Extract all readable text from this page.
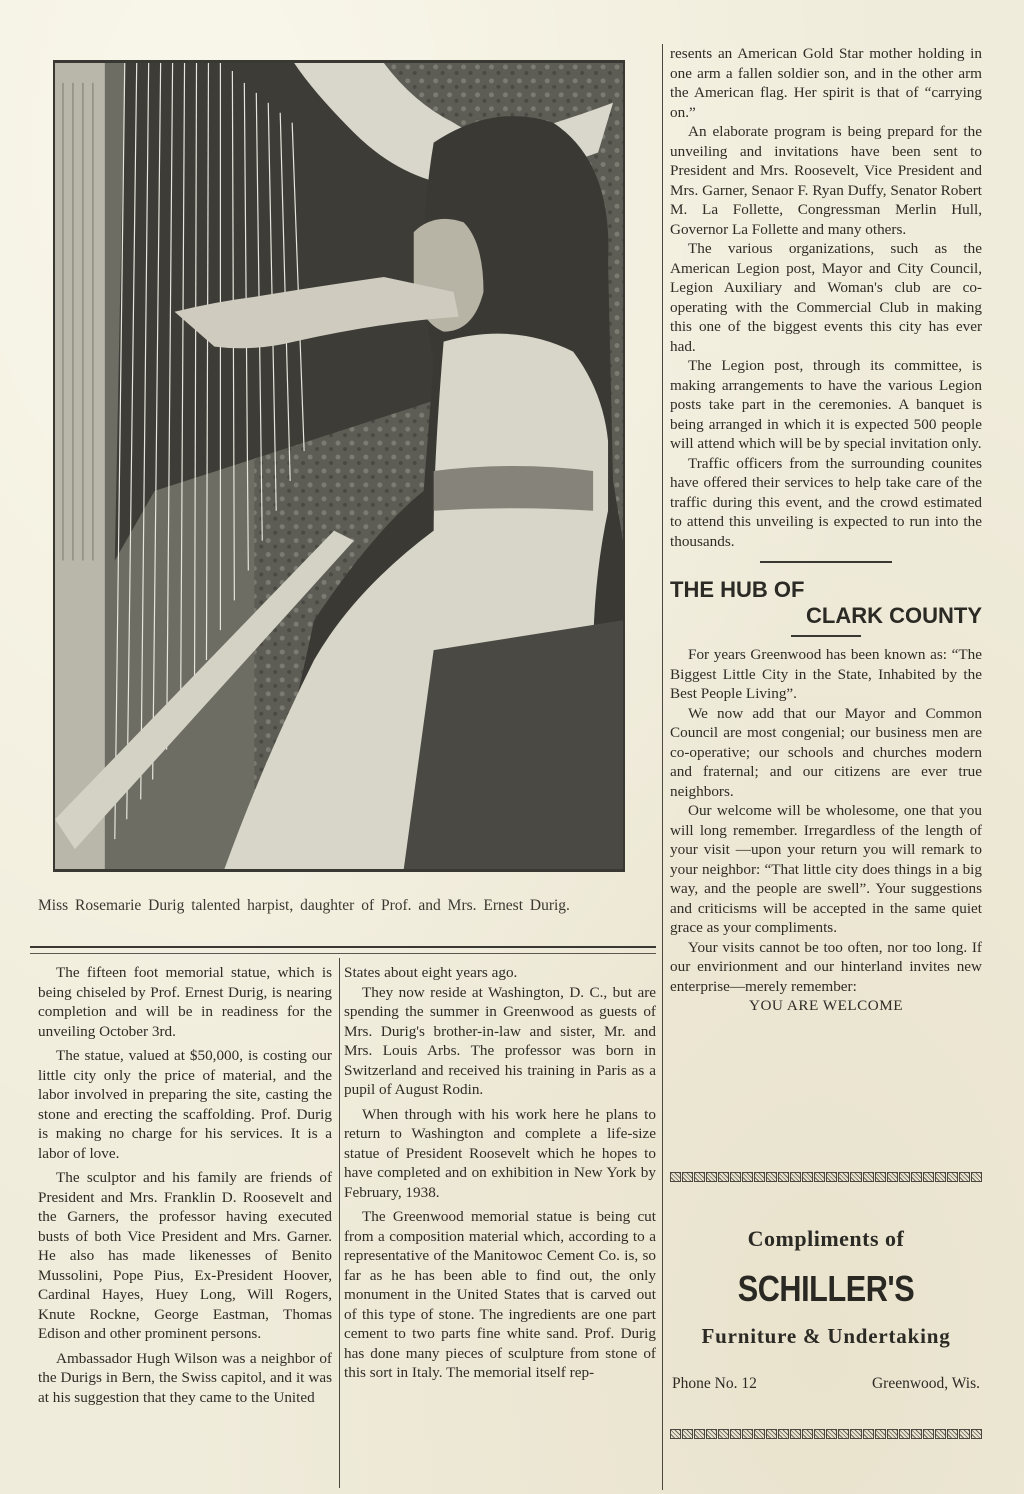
Miss Rosemarie Durig talented harpist, daughter of Prof. and Mrs. Ernest Durig.

The fifteen foot memorial statue, which is being chiseled by Prof. Ernest Durig, is nearing completion and will be in readiness for the unveiling October 3rd.

The statue, valued at $50,000, is costing our little city only the price of material, and the labor involved in preparing the site, casting the stone and erecting the scaffolding. Prof. Durig is making no charge for his services. It is a labor of love.

The sculptor and his family are friends of President and Mrs. Franklin D. Roosevelt and the Garners, the professor having executed busts of both Vice President and Mrs. Garner. He also has made likenesses of Benito Mussolini, Pope Pius, Ex-President Hoover, Cardinal Hayes, Huey Long, Will Rogers, Knute Rockne, George Eastman, Thomas Edison and other prominent persons.

Ambassador Hugh Wilson was a neighbor of the Durigs in Bern, the Swiss capitol, and it was at his suggestion that they came to the United

States about eight years ago.

They now reside at Washington, D. C., but are spending the summer in Greenwood as guests of Mrs. Durig's brother-in-law and sister, Mr. and Mrs. Louis Arbs. The professor was born in Switzerland and received his training in Paris as a pupil of August Rodin.

When through with his work here he plans to return to Washington and complete a life-size statue of President Roosevelt which he hopes to have completed and on exhibition in New York by February, 1938.

The Greenwood memorial statue is being cut from a composition material which, according to a representative of the Manitowoc Cement Co. is, so far as he has been able to find out, the only monument in the United States that is carved out of this type of stone. The ingredients are one part cement to two parts fine white sand. Prof. Durig has done many pieces of sculpture from stone of this sort in Italy. The memorial itself rep-

resents an American Gold Star mother holding in one arm a fallen soldier son, and in the other arm the American flag. Her spirit is that of “carrying on.”

An elaborate program is being prepard for the unveiling and invitations have been sent to President and Mrs. Roosevelt, Vice President and Mrs. Garner, Senaor F. Ryan Duffy, Senator Robert M. La Follette, Congressman Merlin Hull, Governor La Follette and many others.

The various organizations, such as the American Legion post, Mayor and City Council, Legion Auxiliary and Woman's club are co-operating with the Commercial Club in making this one of the biggest events this city has ever had.

The Legion post, through its committee, is making arrangements to have the various Legion posts take part in the ceremonies. A banquet is being arranged in which it is expected 500 people will attend which will be by special invitation only.

Traffic officers from the surrounding counites have offered their services to help take care of the traffic during this event, and the crowd estimated to attend this unveiling is expected to run into the thousands.

THE HUB OF
CLARK COUNTY

For years Greenwood has been known as: “The Biggest Little City in the State, Inhabited by the Best People Living”.

We now add that our Mayor and Common Council are most congenial; our business men are co-operative; our schools and churches modern and fraternal; and our citizens are ever true neighbors.

Our welcome will be wholesome, one that you will long remember. Irregardless of the length of your visit —upon your return you will remark to your neighbor: “That little city does things in a big way, and the people are swell”. Your suggestions and criticisms will be accepted in the same quiet grace as your compliments.

Your visits cannot be too often, nor too long. If our envirionment and our hinterland invites new enterprise—merely remember:

YOU ARE WELCOME

Compliments of
SCHILLER'S
Furniture & Undertaking
Phone No. 12	Greenwood, Wis.
